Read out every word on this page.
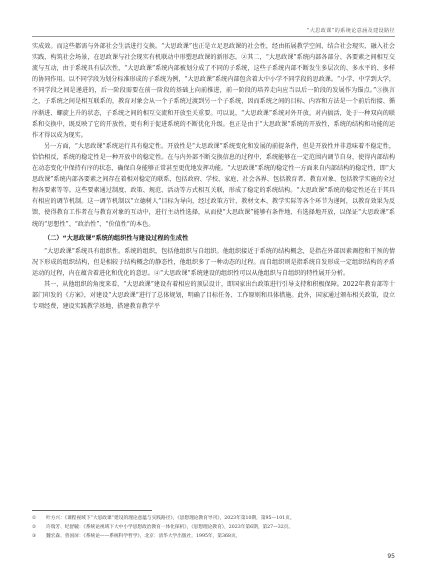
“大思政课”的系统论意涵及建设路径

实成效。而这些都需与外部社会生活进行交换。“大思政课”也正是立足思政课的社会性，经由拓展教学空间、结合社会现实、融入社会实践、构筑社会场景，在思政课与社会现实有机联动中形塑思政课的新形态。②其二，“大思政课”系统内部各部分、各要素之间相互交流与互动，由于系统具有层次性，“大思政课”系统内部被划分成了不同的子系统，这些子系统内部不断发生多层次的、多水平的、多样的协同作用。以不同学段为划分标准形成的子系统为例，“大思政课”系统内部包含着大中小学不同学段的思政课。“小学、中学到大学，不同学段之间是递进的，后一阶段需要在前一阶段的基础上向前推进，前一阶段的培养走向应当以后一阶段的发展作为锚点。”③换言之，子系统之间是相互联系的，教育对象会从一个子系统过渡到另一个子系统，因而系统之间的目标、内容和方法是一个前后衔接、循序渐进、螺旋上升的状态，子系统之间的相互交流和开放至关重要。可以说，“大思政课”系统对外开放，对内搞活，处于一种双向的联系和交换中，既反映了它的开放性，更有利于促进系统的不断优化升级。也正是由于“大思政课”系统的开放性，系统的结构和功能的运作才得以成为现实。

另一方面，“大思政课”系统运行具有稳定性。开放性是“大思政课”系统变化和发展的前提条件，但是开放性并非意味着不稳定性，恰恰相反，系统的稳定性是一种开放中的稳定性。在与内外部不断交换信息的过程中，系统能够在一定范围内调节自身，使得内部结构在动态变化中保持有序的状态，确保自身能够正常甚至更优地发挥功能。“大思政课”系统的稳定性一方面来自内部结构的稳定性，即“大思政课”系统内部各要素之间存在着相对稳定的联系，包括政府、学校、家庭、社会各界、包括教育者、教育对象、包括教学实施的全过程各要素等等。这些要素通过制度、政策、规范、活动等方式相互关联，形成了稳定的系统结构。“大思政课”系统的稳定性还在于其具有相应的调节机制。这一调节机制以“立德树人”目标为导向，经过政策方针、教材文本、教学实际等各个环节为递阿，以教育效果为反馈，使得教育工作者在与教育对象的互动中，进行主动性选择，从而使“大思政课”能够有条件地、有选择地开放，以保证“大思政课”系统的“思想性”、“政治性”、“价值性”的本色。

（二）“大思政课”系统的组织性与建设过程的生成性

“大思政课”系统具有组织性。系统的组织，包括他组织与自组织。他组织接近于系统的结构概念，是指在外部因素调控和干预的情况下形成的组织结构，但是相较于结构概念的静态性，他组织多了一种动态的过程。而自组织则是指系统自发形成一定组织结构的矛盾运动的过程，内在蕴含着进化和优化的意思。④“大思政课”系统建设的组织性可以从他组织与自组织的特性展开分析。

其一，从他组织的角度来看，“大思政课”建设有着相应的顶层设计，即国家出台政策进行引导支持和积极保障。2022年教育部等十部门印发的《方案》，对建设“大思政课”进行了总体规划，明确了目标任务、工作原则和具体措施。此外，国家通过颁布相关政策，设立专项经费，建设实践教学基地，搭建教育教学平

①	叶方兴：《课程视域下“大思政课”建设的理论意蕴与实践路径》，《思想理论教育导刊》，2023年第10期，第95—101页。
②	许瑞芳、纪舒毓：《系统论视域下大中小学思想政治教育一体化探析》，《思想理论教育》，2023年第6期，第27—32页。
③	魏宏森、曾国屏：《系统论——系统科学哲学》，北京：清华大学出版社，1995年，第368页。
95
